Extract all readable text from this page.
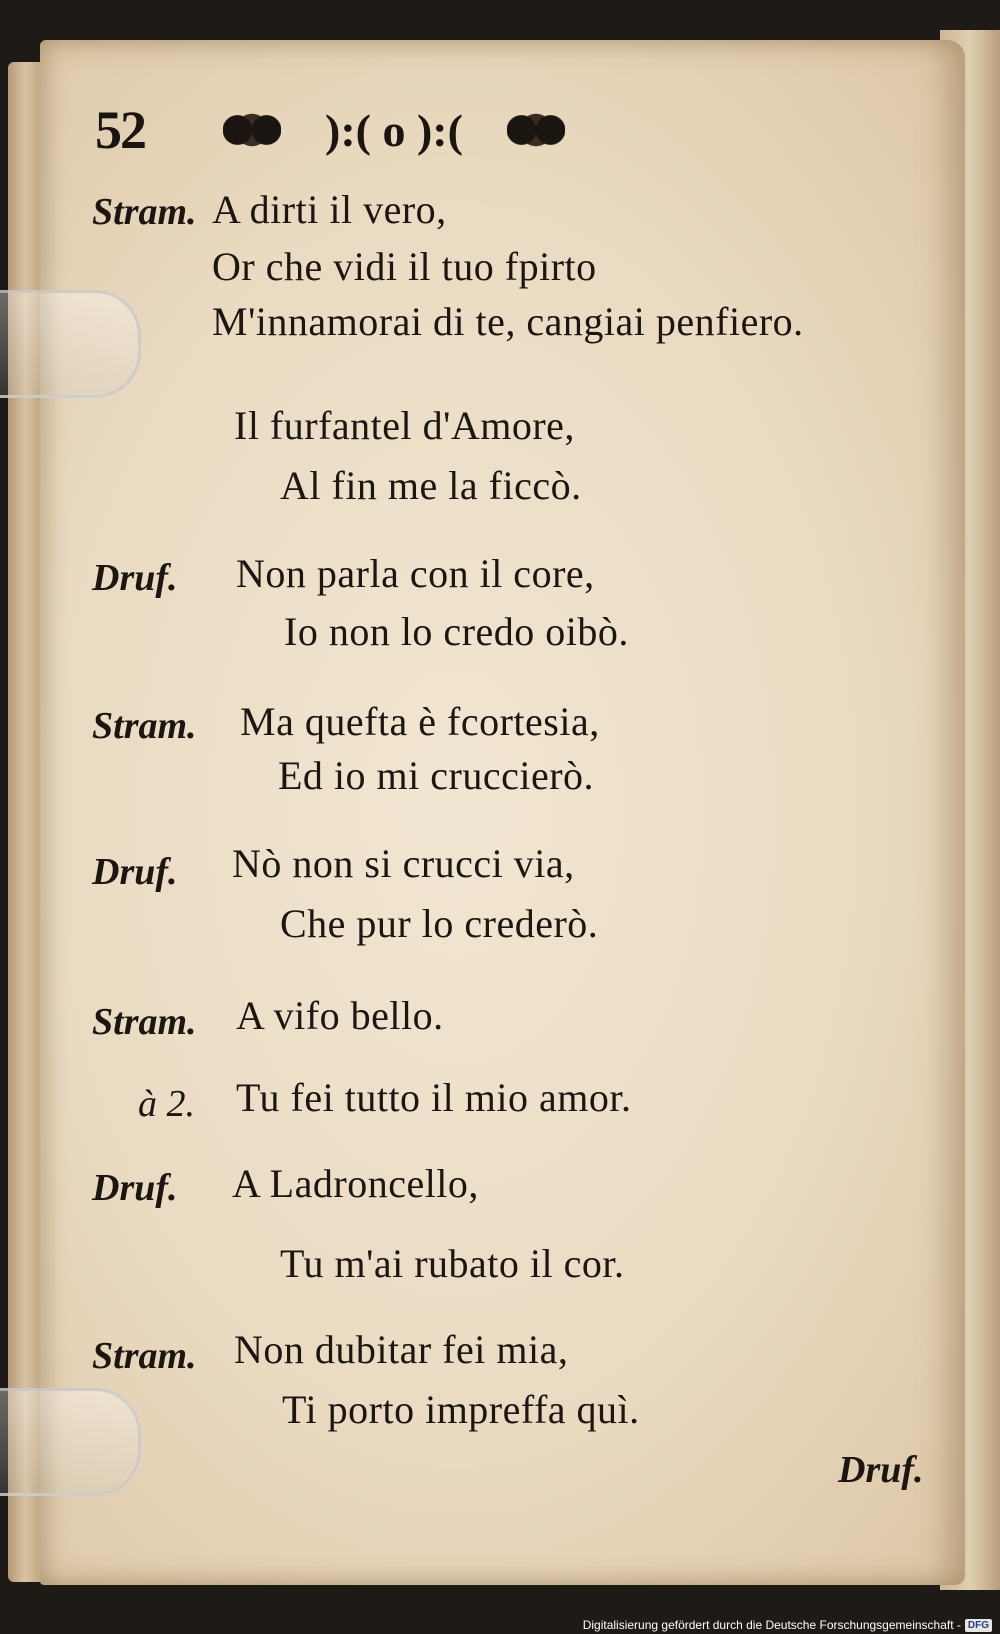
52	):( o ):(
Stram. A dirti il vero,
Or che vidi il tuo fpirto
M'innamorai di te, cangiai penfiero.
Il furfantel d'Amore,
Al fin me la ficcò.
Druf. Non parla con il core,
Io non lo credo oibò.
Stram. Ma quefta è fcortesia,
Ed io mi cruccierò.
Druf. Nò non si crucci via,
Che pur lo crederò.
Stram. A vifo bello.
à 2. Tu fei tutto il mio amor.
Druf. A Ladroncello,
Tu m'ai rubato il cor.
Stram. Non dubitar fei mia,
Ti porto impreffa quì.
Druf.
Digitalisierung gefördert durch die Deutsche Forschungsgemeinschaft - DFG
